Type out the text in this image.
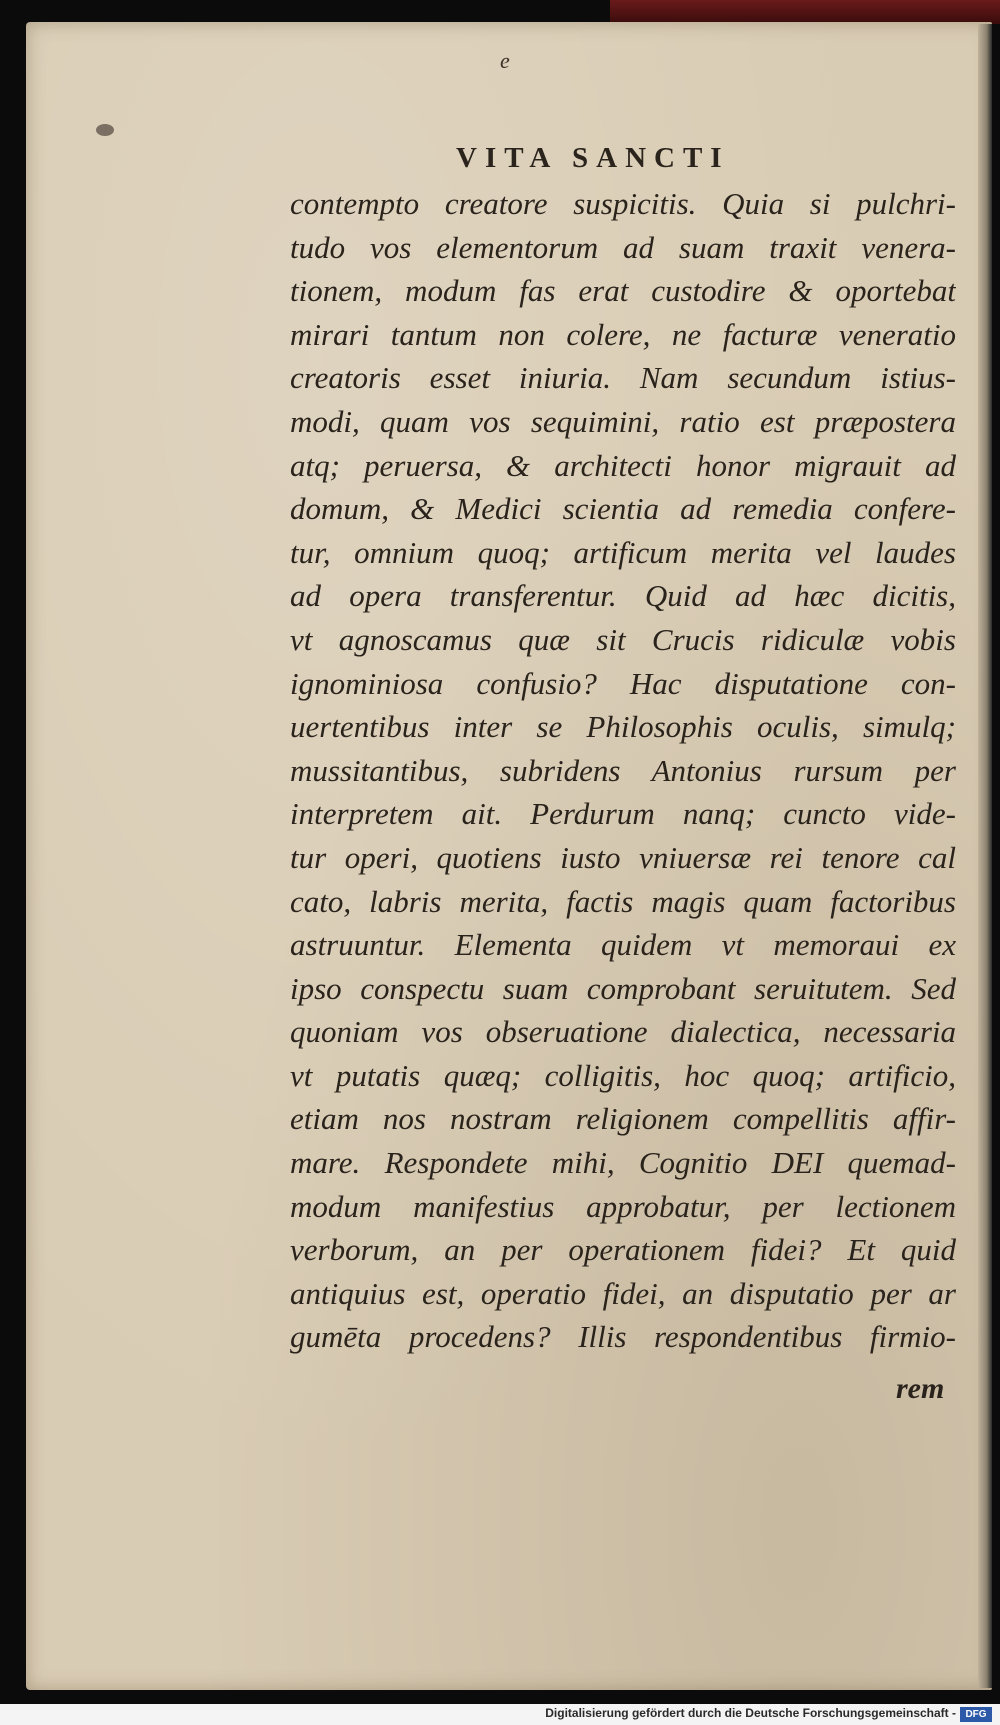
e
VITA SANCTI
contempto creatore suspicitis. Quia si pulchri-
tudo vos elementorum ad suam traxit venera-
tionem, modum fas erat custodire & oportebat
mirari tantum non colere, ne facturæ veneratio
creatoris esset iniuria. Nam secundum istius-
modi, quam vos sequimini, ratio est præpostera
atq; peruersa, & architecti honor migrauit ad
domum, & Medici scientia ad remedia confere-
tur, omnium quoq; artificum merita vel laudes
ad opera transferentur. Quid ad hæc dicitis,
vt agnoscamus quæ sit Crucis ridiculæ vobis
ignominiosa confusio? Hac disputatione con-
uertentibus inter se Philosophis oculis, simulq;
mussitantibus, subridens Antonius rursum per
interpretem ait. Perdurum nanq; cuncto vide-
tur operi, quotiens iusto vniuersæ rei tenore cal
cato, labris merita, factis magis quam factoribus
astruuntur. Elementa quidem vt memoraui ex
ipso conspectu suam comprobant seruitutem. Sed
quoniam vos obseruatione dialectica, necessaria
vt putatis quæq; colligitis, hoc quoq; artificio,
etiam nos nostram religionem compellitis affir-
mare. Respondete mihi, Cognitio DEI quemad-
modum manifestius approbatur, per lectionem
verborum, an per operationem fidei? Et quid
antiquius est, operatio fidei, an disputatio per ar
gumēta procedens? Illis respondentibus firmio-
rem
Digitalisierung gefördert durch die Deutsche Forschungsgemeinschaft - DFG
